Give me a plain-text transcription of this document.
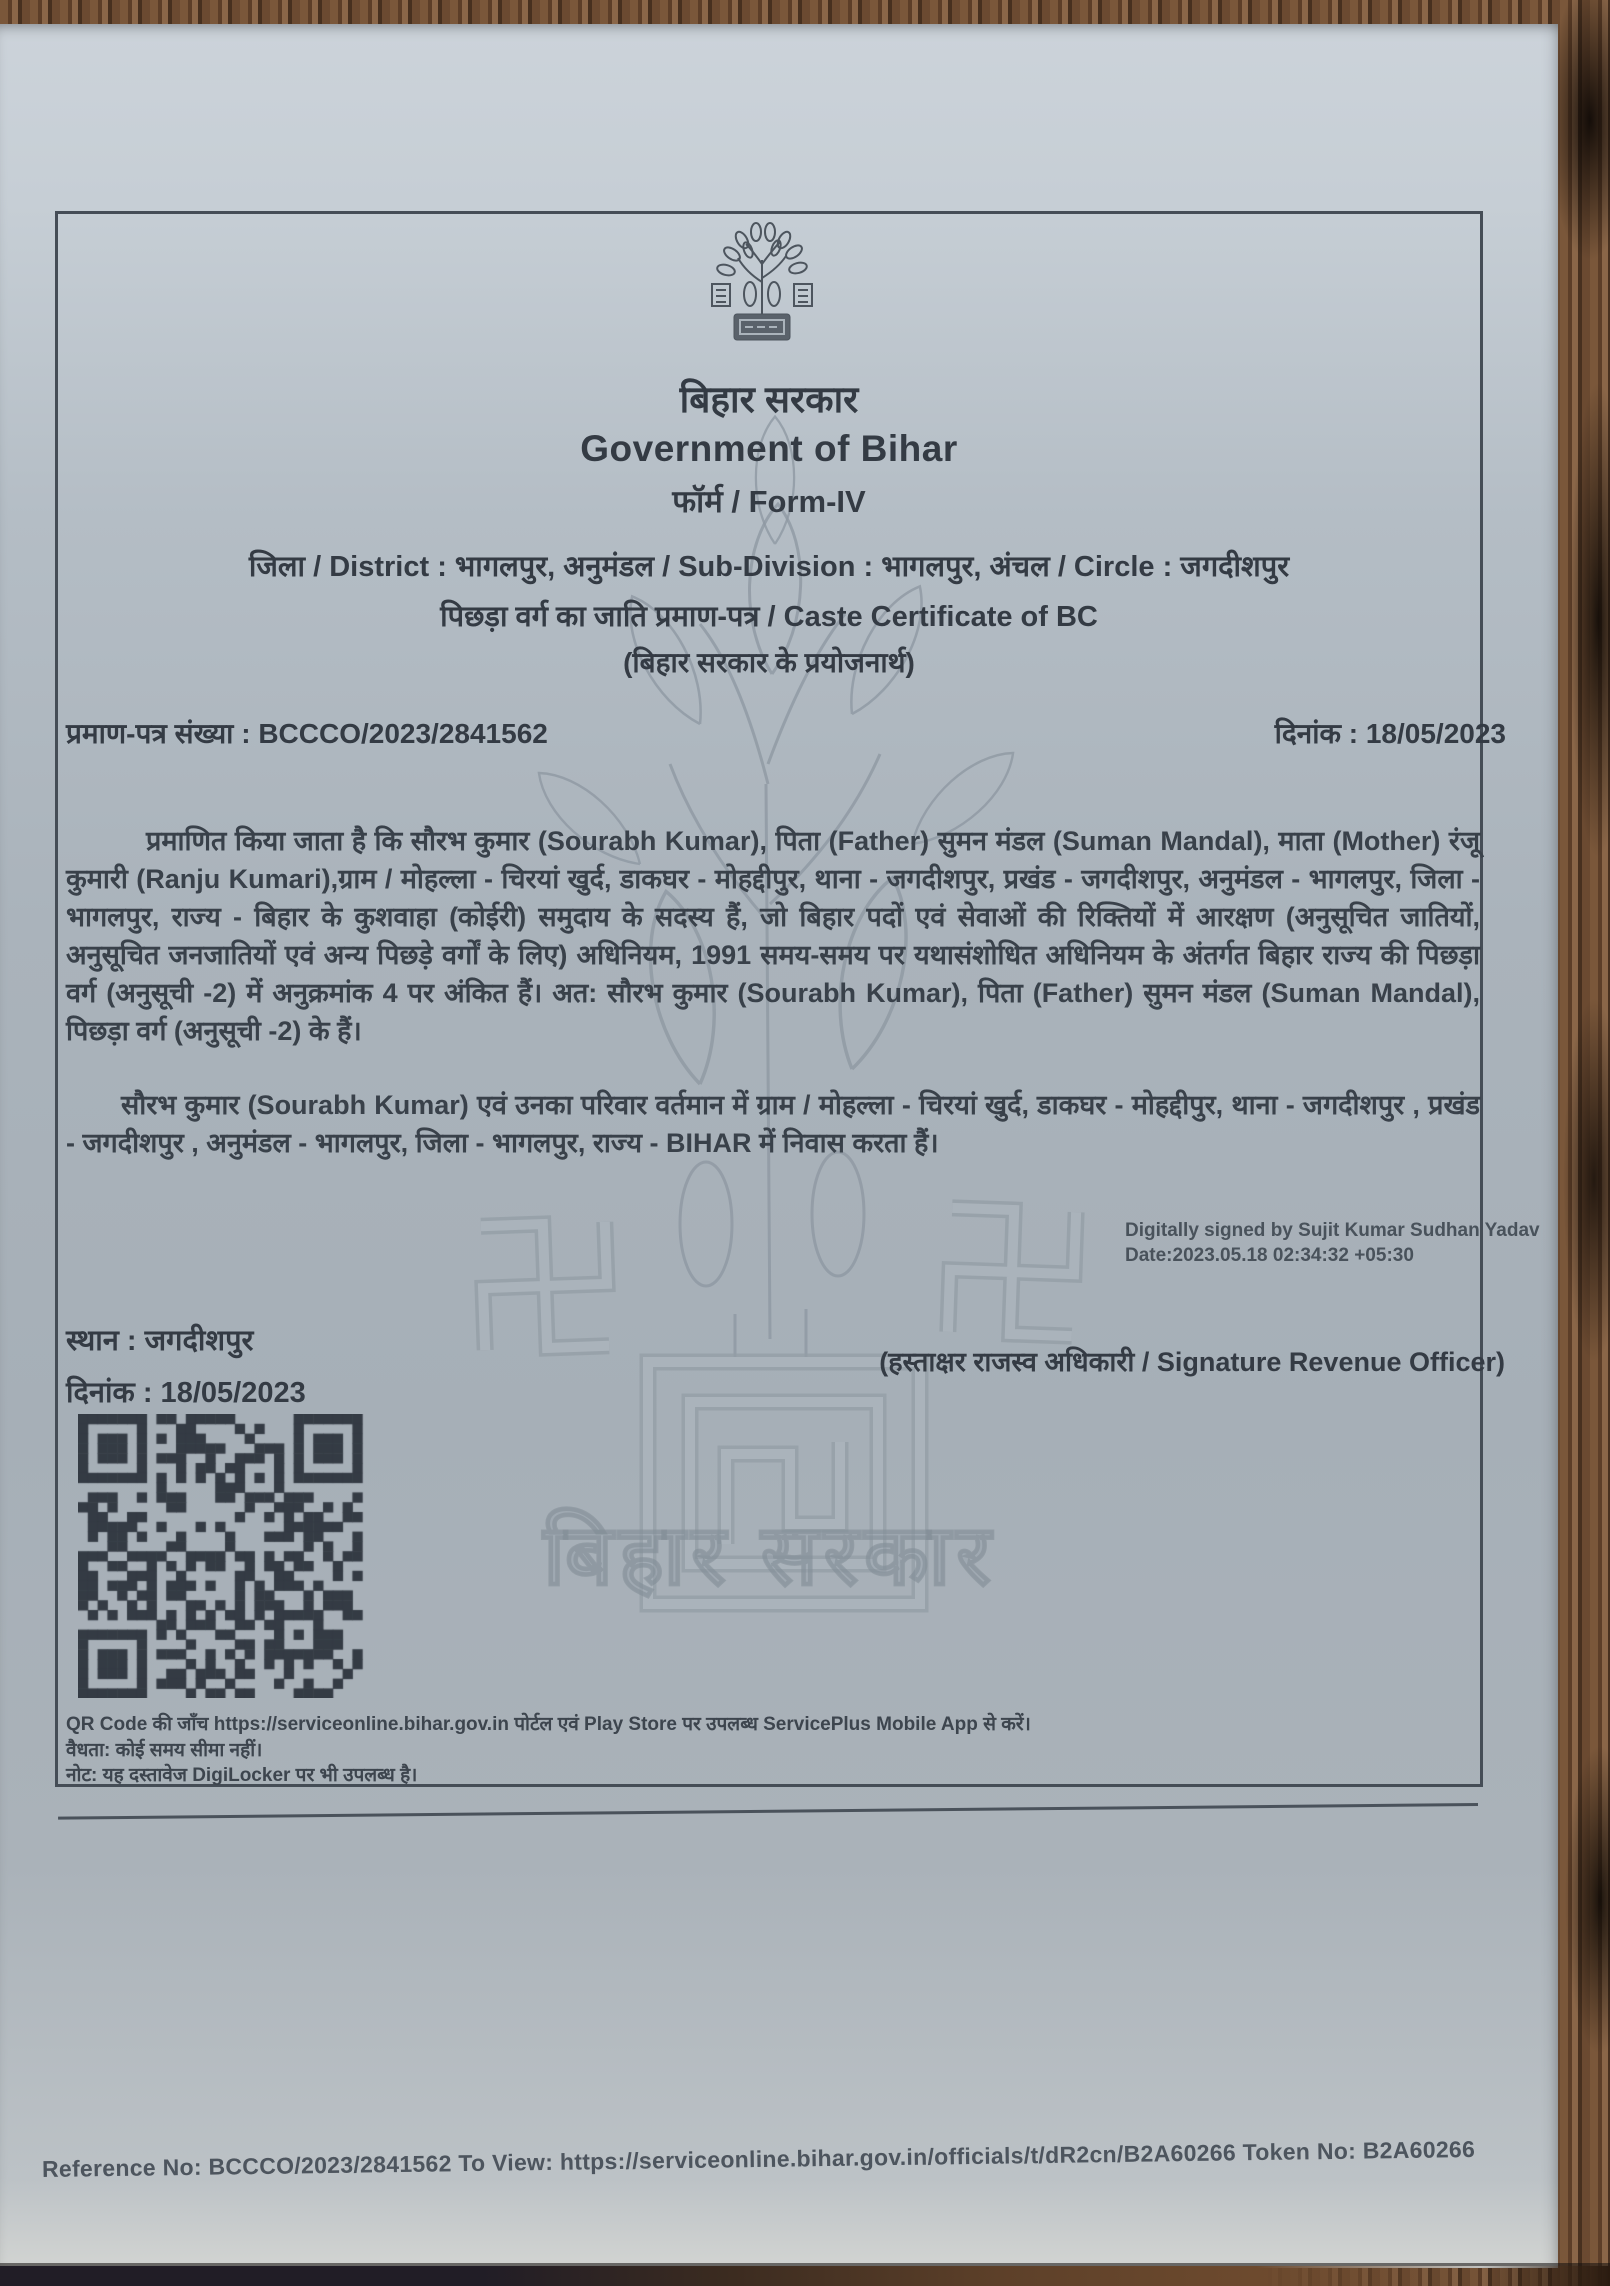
बिहार सरकार
बिहार सरकार
Government of Bihar
फॉर्म / Form-IV
जिला / District : भागलपुर, अनुमंडल / Sub-Division : भागलपुर, अंचल / Circle : जगदीशपुर
पिछड़ा वर्ग का जाति प्रमाण-पत्र / Caste Certificate of BC
(बिहार सरकार के प्रयोजनार्थ)
प्रमाण-पत्र संख्या : BCCCO/2023/2841562	दिनांक : 18/05/2023
प्रमाणित किया जाता है कि सौरभ कुमार (Sourabh Kumar), पिता (Father) सुमन मंडल (Suman Mandal), माता (Mother) रंजू कुमारी (Ranju Kumari),ग्राम / मोहल्ला - चिरयां खुर्द, डाकघर - मोहद्दीपुर, थाना - जगदीशपुर, प्रखंड - जगदीशपुर, अनुमंडल - भागलपुर, जिला - भागलपुर, राज्य - बिहार के कुशवाहा (कोईरी) समुदाय के सदस्य हैं, जो बिहार पदों एवं सेवाओं की रिक्तियों में आरक्षण (अनुसूचित जातियों, अनुसूचित जनजातियों एवं अन्य पिछड़े वर्गों के लिए) अधिनियम, 1991 समय-समय पर यथासंशोधित अधिनियम के अंतर्गत बिहार राज्य की पिछड़ा वर्ग (अनुसूची -2) में अनुक्रमांक 4 पर अंकित हैं। अत: सौरभ कुमार (Sourabh Kumar), पिता (Father) सुमन मंडल (Suman Mandal), पिछड़ा वर्ग (अनुसूची -2) के हैं।
सौरभ कुमार (Sourabh Kumar) एवं उनका परिवार वर्तमान में ग्राम / मोहल्ला - चिरयां खुर्द, डाकघर - मोहद्दीपुर, थाना - जगदीशपुर , प्रखंड - जगदीशपुर , अनुमंडल - भागलपुर, जिला - भागलपुर, राज्य - BIHAR में निवास करता हैं।
Digitally signed by Sujit Kumar Sudhan Yadav
Date:2023.05.18 02:34:32 +05:30
(हस्ताक्षर राजस्व अधिकारी / Signature Revenue Officer)
स्थान : जगदीशपुर
दिनांक : 18/05/2023
QR Code की जाँच https://serviceonline.bihar.gov.in पोर्टल एवं Play Store पर उपलब्ध ServicePlus Mobile App से करें।
वैधता: कोई समय सीमा नहीं।
नोट: यह दस्तावेज DigiLocker पर भी उपलब्ध है।
Reference No: BCCCO/2023/2841562 To View: https://serviceonline.bihar.gov.in/officials/t/dR2cn/B2A60266 Token No: B2A60266
